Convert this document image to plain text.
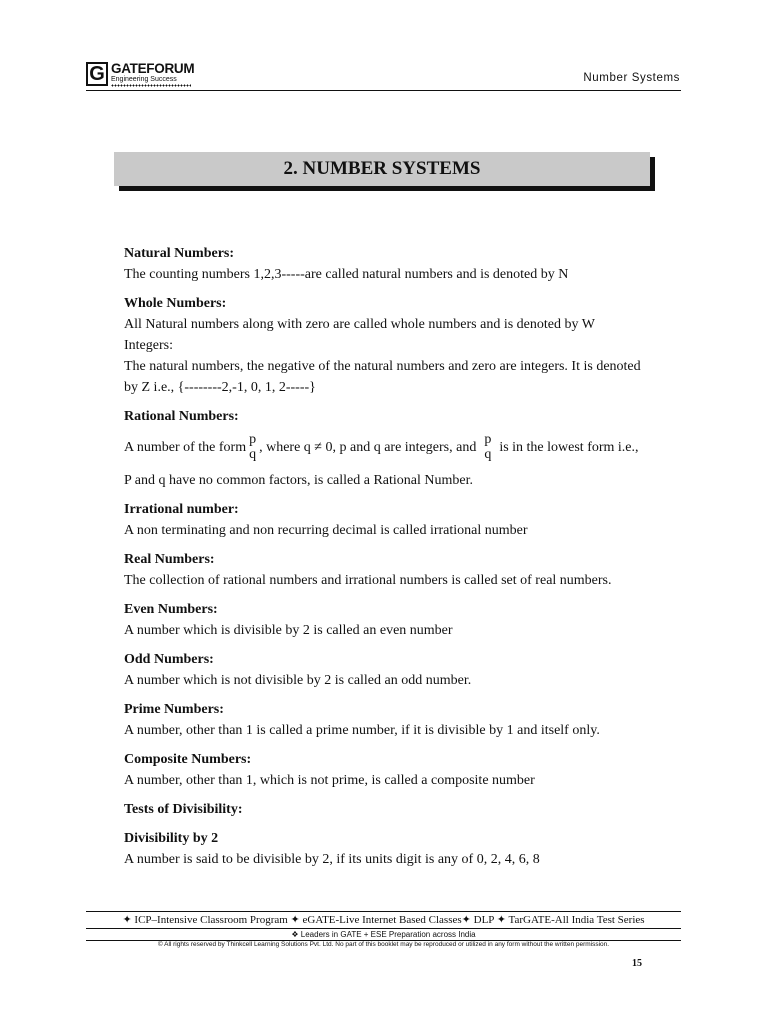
G GATEFORUM
Engineering Success	Number Systems
2. NUMBER SYSTEMS
Natural Numbers:

The counting numbers 1,2,3-----are called natural numbers and is denoted by N

Whole Numbers:

All Natural numbers along with zero are called whole numbers and is denoted by W

Integers:

The natural numbers, the negative of the natural numbers and zero are integers. It is denoted by Z i.e., {--------2,-1, 0, 1, 2-----}

Rational Numbers:
A number of the form p
q , where q ≠ 0, p and q are integers, and p
q is in the lowest form i.e.,

P and q have no common factors, is called a Rational Number.

Irrational number:

A non terminating and non recurring decimal is called irrational number

Real Numbers:

The collection of rational numbers and irrational numbers is called set of real numbers.

Even Numbers:

A number which is divisible by 2 is called an even number

Odd Numbers:

A number which is not divisible by 2 is called an odd number.

Prime Numbers:

A number, other than 1 is called a prime number, if it is divisible by 1 and itself only.

Composite Numbers:

A number, other than 1, which is not prime, is called a composite number

Tests of Divisibility:
Divisibility by 2

A number is said to be divisible by 2, if its units digit is any of 0, 2, 4, 6, 8

✦ ICP–Intensive Classroom Program ✦ eGATE-Live Internet Based Classes✦ DLP ✦ TarGATE-All India Test Series
❖ Leaders in GATE + ESE Preparation across India
© All rights reserved by Thinkcell Learning Solutions Pvt. Ltd. No part of this booklet may be reproduced or utilized in any form without the written permission.
15
